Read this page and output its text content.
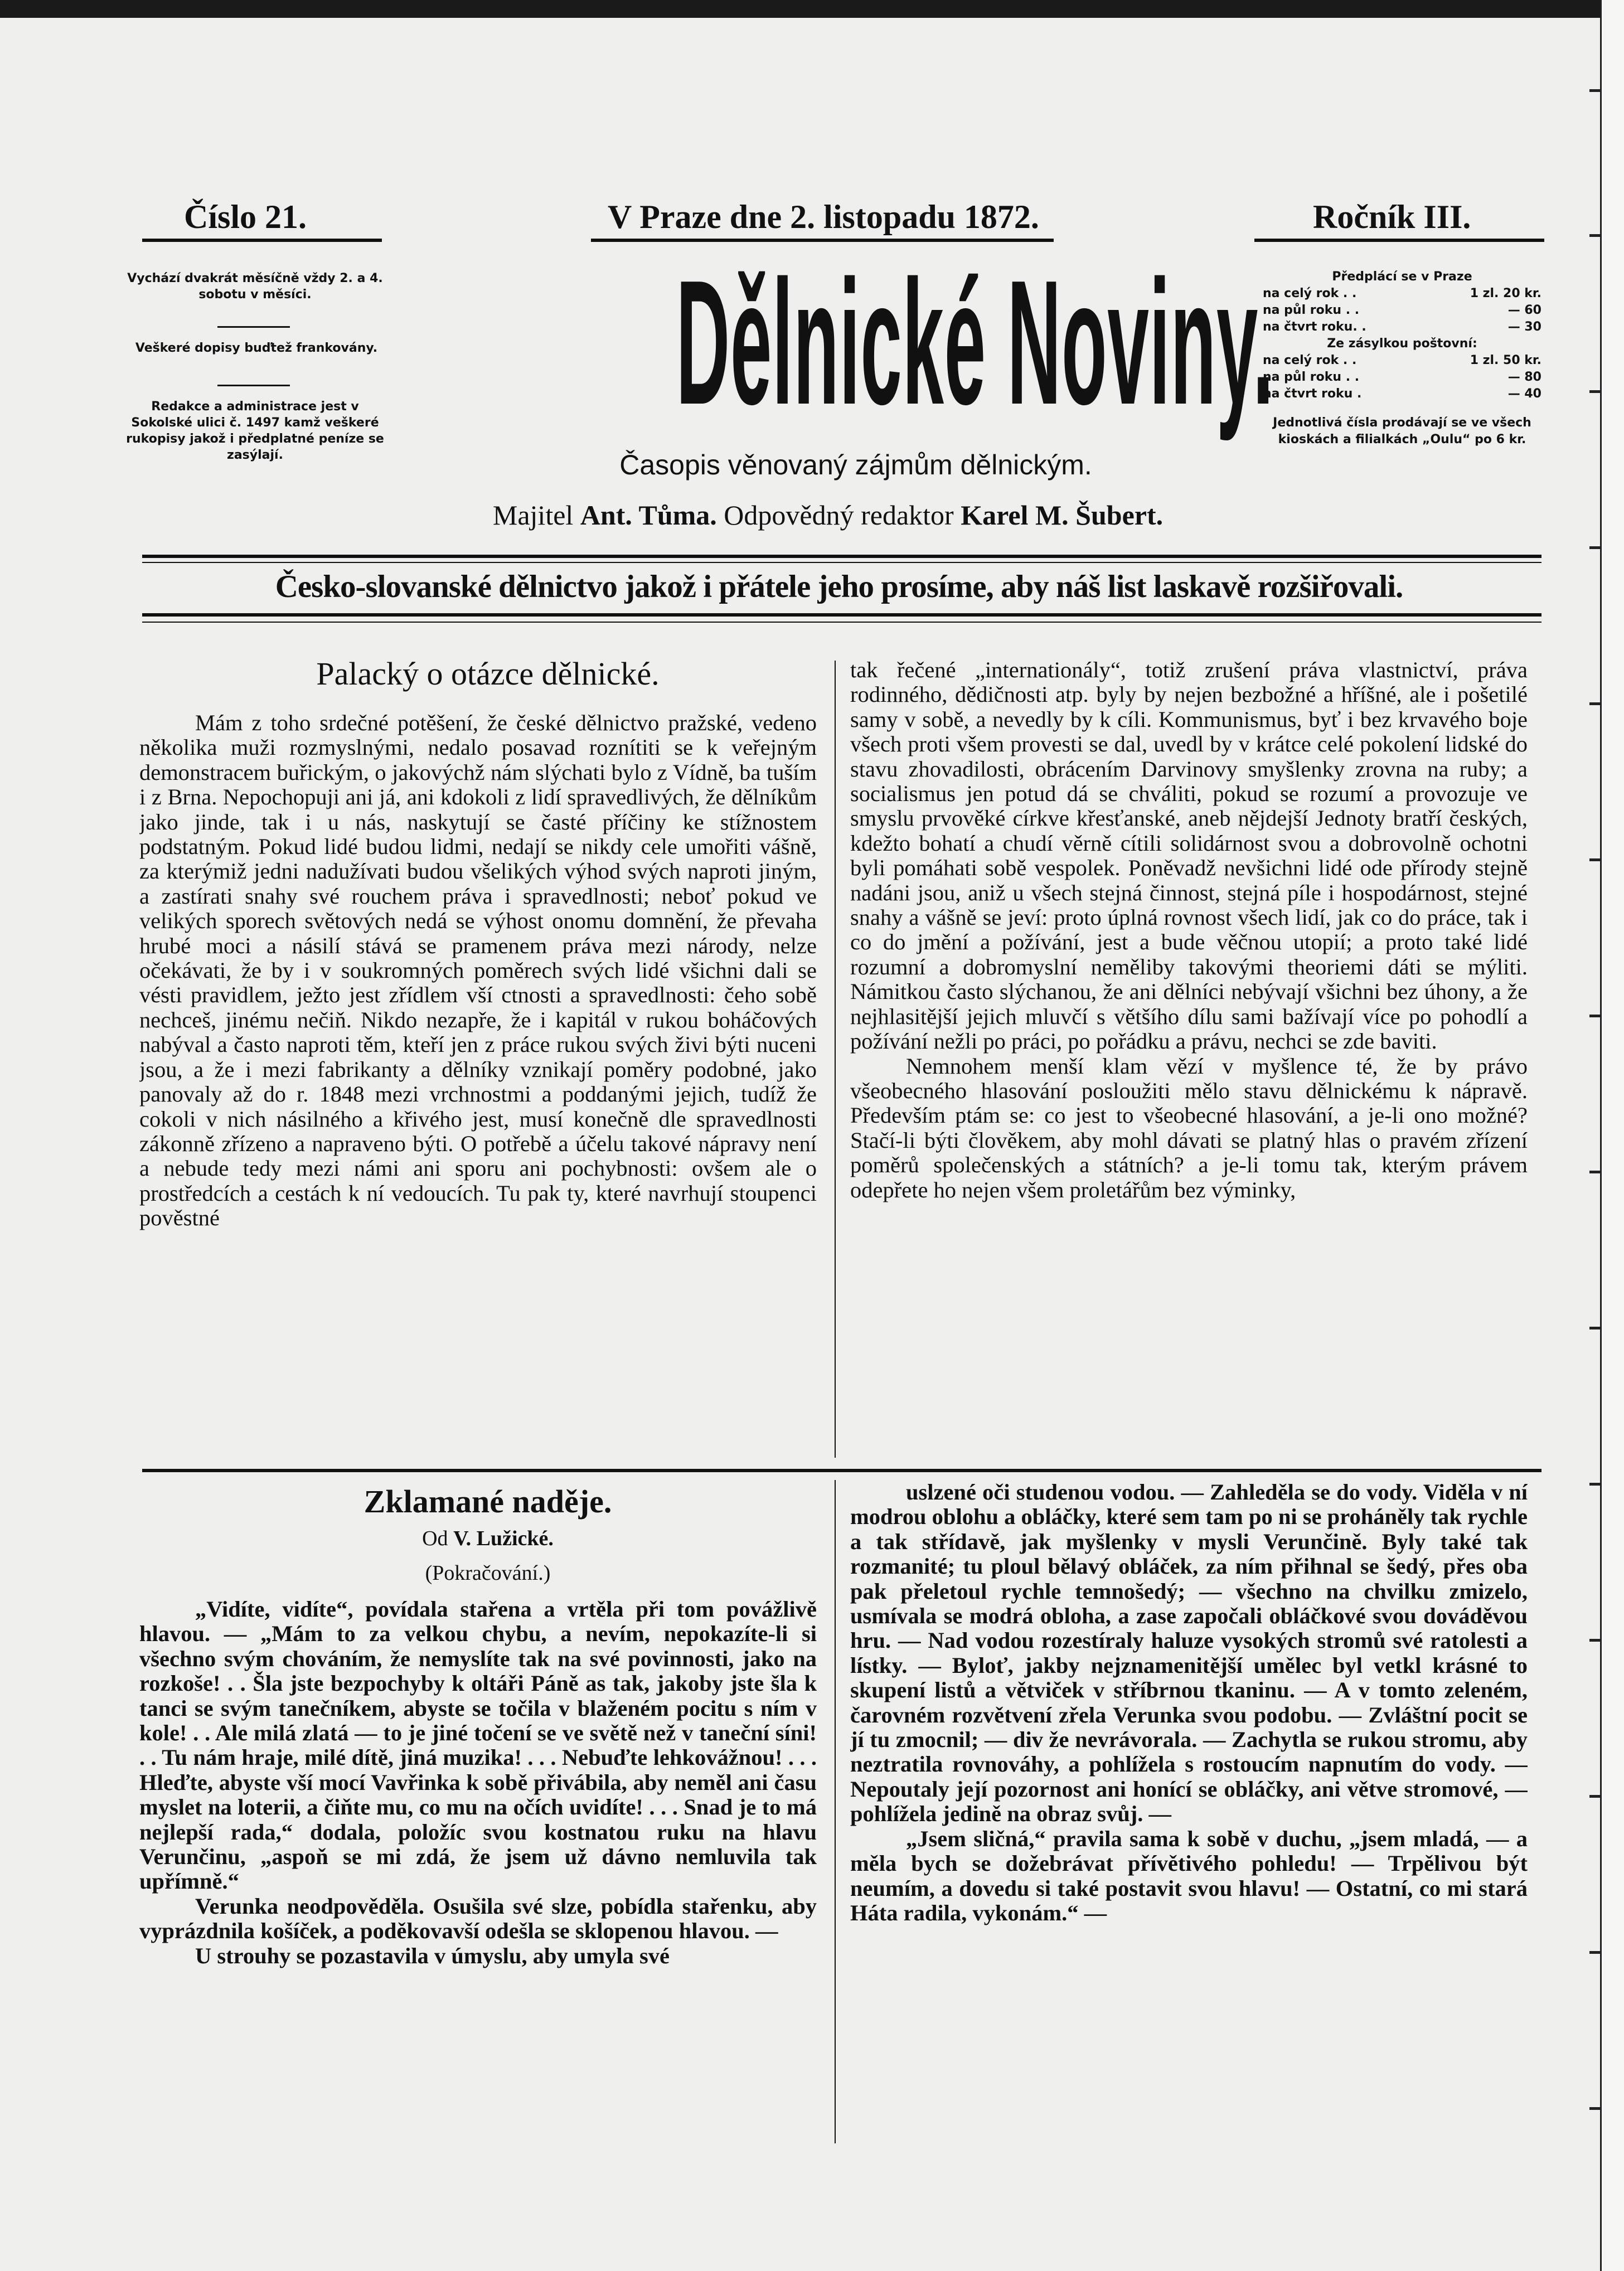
Číslo 21.	V Praze dne 2. listopadu 1872.	Ročník III.
Vychází dvakrát měsíčně vždy 2. a 4. sobotu v měsíci.
Veškeré dopisy buďtež frankovány.
Redakce a administrace jest v Sokolské ulici č. 1497 kamž veškeré rukopisy jakož i předplatné peníze se zasýlají.
Dělnické Noviny.
Časopis věnovaný zájmům dělnickým.
Majitel Ant. Tůma. Odpovědný redaktor Karel M. Šubert.
Předplácí se v Praze
na celý rok . .	1 zl. 20 kr.
na půl roku . .	— 60
na čtvrt roku. .	— 30
Ze zásylkou poštovní:
na celý rok . .	1 zl. 50 kr.
na půl roku . .	— 80
na čtvrt roku .	— 40
Jednotlivá čísla prodávají se ve všech kioskách a filialkách „Oulu“ po 6 kr.
Česko-slovanské dělnictvo jakož i přátele jeho prosíme, aby náš list laskavě rozšiřovali.
Palacký o otázce dělnické.

Mám z toho srdečné potěšení, že české dělnictvo pražské, vedeno několika muži rozmyslnými, nedalo posavad roznítiti se k veřejným demonstracem buřickým, o jakovýchž nám slýchati bylo z Vídně, ba tuším i z Brna. Nepochopuji ani já, ani kdokoli z lidí spravedlivých, že dělníkům jako jinde, tak i u nás, naskytují se časté příčiny ke stížnostem podstatným. Pokud lidé budou lidmi, nedají se nikdy cele umořiti vášně, za kterýmiž jedni nadužívati budou všelikých výhod svých naproti jiným, a zastírati snahy své rouchem práva i spravedlnosti; neboť pokud ve velikých sporech světových nedá se výhost onomu domnění, že převaha hrubé moci a násilí stává se pramenem práva mezi národy, nelze očekávati, že by i v soukromných poměrech svých lidé všichni dali se vésti pravidlem, ježto jest zřídlem vší ctnosti a spravedlnosti: čeho sobě nechceš, jinému nečiň. Nikdo nezapře, že i kapitál v rukou boháčových nabýval a často naproti těm, kteří jen z práce rukou svých živi býti nuceni jsou, a že i mezi fabrikanty a dělníky vznikají poměry podobné, jako panovaly až do r. 1848 mezi vrchnostmi a poddanými jejich, tudíž že cokoli v nich násilného a křivého jest, musí konečně dle spravedlnosti zákonně zřízeno a napraveno býti. O potřebě a účelu takové nápravy není a nebude tedy mezi námi ani sporu ani pochybnosti: ovšem ale o prostředcích a cestách k ní vedoucích. Tu pak ty, které navrhují stoupenci pověstné

tak řečené „internationály“, totiž zrušení práva vlastnictví, práva rodinného, dědičnosti atp. byly by nejen bezbožné a hříšné, ale i pošetilé samy v sobě, a nevedly by k cíli. Kommunismus, byť i bez krvavého boje všech proti všem provesti se dal, uvedl by v krátce celé pokolení lidské do stavu zhovadilosti, obrácením Darvinovy smyšlenky zrovna na ruby; a socialismus jen potud dá se chváliti, pokud se rozumí a provozuje ve smyslu prvověké církve křesťanské, aneb nějdejší Jednoty bratří českých, kdežto bohatí a chudí věrně cítili solidárnost svou a dobrovolně ochotni byli pomáhati sobě vespolek. Poněvadž nevšichni lidé ode přírody stejně nadáni jsou, aniž u všech stejná činnost, stejná píle i hospodárnost, stejné snahy a vášně se jeví: proto úplná rovnost všech lidí, jak co do práce, tak i co do jmění a požívání, jest a bude věčnou utopií; a proto také lidé rozumní a dobromyslní neměliby takovými theoriemi dáti se mýliti. Námitkou často slýchanou, že ani dělníci nebývají všichni bez úhony, a že nejhlasitější jejich mluvčí s většího dílu sami bažívají více po pohodlí a požívání nežli po práci, po pořádku a právu, nechci se zde baviti.

Nemnohem menší klam vězí v myšlence té, že by právo všeobecného hlasování posloužiti mělo stavu dělnickému k nápravě. Především ptám se: co jest to všeobecné hlasování, a je-li ono možné? Stačí-li býti člověkem, aby mohl dávati se platný hlas o pravém zřízení poměrů společenských a státních? a je-li tomu tak, kterým právem odepřete ho nejen všem proletářům bez výminky,

Zklamané naděje.
Od V. Lužické.
(Pokračování.)

„Vidíte, vidíte“, povídala stařena a vrtěla při tom povážlivě hlavou. — „Mám to za velkou chybu, a nevím, nepokazíte-li si všechno svým chováním, že nemyslíte tak na své povinnosti, jako na rozkoše! . . Šla jste bezpochyby k oltáři Páně as tak, jakoby jste šla k tanci se svým tanečníkem, abyste se točila v blaženém pocitu s ním v kole! . . Ale milá zlatá — to je jiné točení se ve světě než v taneční síni! . . Tu nám hraje, milé dítě, jiná muzika! . . . Nebuďte lehkovážnou! . . . Hleďte, abyste vší mocí Vavřinka k sobě přivábila, aby neměl ani času myslet na loterii, a čiňte mu, co mu na očích uvidíte! . . . Snad je to má nejlepší rada,“ dodala, položíc svou kostnatou ruku na hlavu Verunčinu, „aspoň se mi zdá, že jsem už dávno nemluvila tak upřímně.“

Verunka neodpověděla. Osušila své slze, pobídla stařenku, aby vyprázdnila košíček, a poděkovavší odešla se sklopenou hlavou. —

U strouhy se pozastavila v úmyslu, aby umyla své

uslzené oči studenou vodou. — Zahleděla se do vody. Viděla v ní modrou oblohu a obláčky, které sem tam po ni se proháněly tak rychle a tak střídavě, jak myšlenky v mysli Verunčině. Byly také tak rozmanité; tu ploul bělavý obláček, za ním přihnal se šedý, přes oba pak přeletoul rychle temnošedý; — všechno na chvilku zmizelo, usmívala se modrá obloha, a zase započali obláčkové svou dováděvou hru. — Nad vodou rozestíraly haluze vysokých stromů své ratolesti a lístky. — Byloť, jakby nejznamenitější umělec byl vetkl krásné to skupení listů a větviček v stříbrnou tkaninu. — A v tomto zeleném, čarovném rozvětvení zřela Verunka svou podobu. — Zvláštní pocit se jí tu zmocnil; — div že nevrávorala. — Zachytla se rukou stromu, aby neztratila rovnováhy, a pohlížela s rostoucím napnutím do vody. — Nepoutaly její pozornost ani honící se obláčky, ani větve stromové, — pohlížela jedině na obraz svůj. —

„Jsem sličná,“ pravila sama k sobě v duchu, „jsem mladá, — a měla bych se dožebrávat přívětivého pohledu! — Trpělivou být neumím, a dovedu si také postavit svou hlavu! — Ostatní, co mi stará Háta radila, vykonám.“ —
